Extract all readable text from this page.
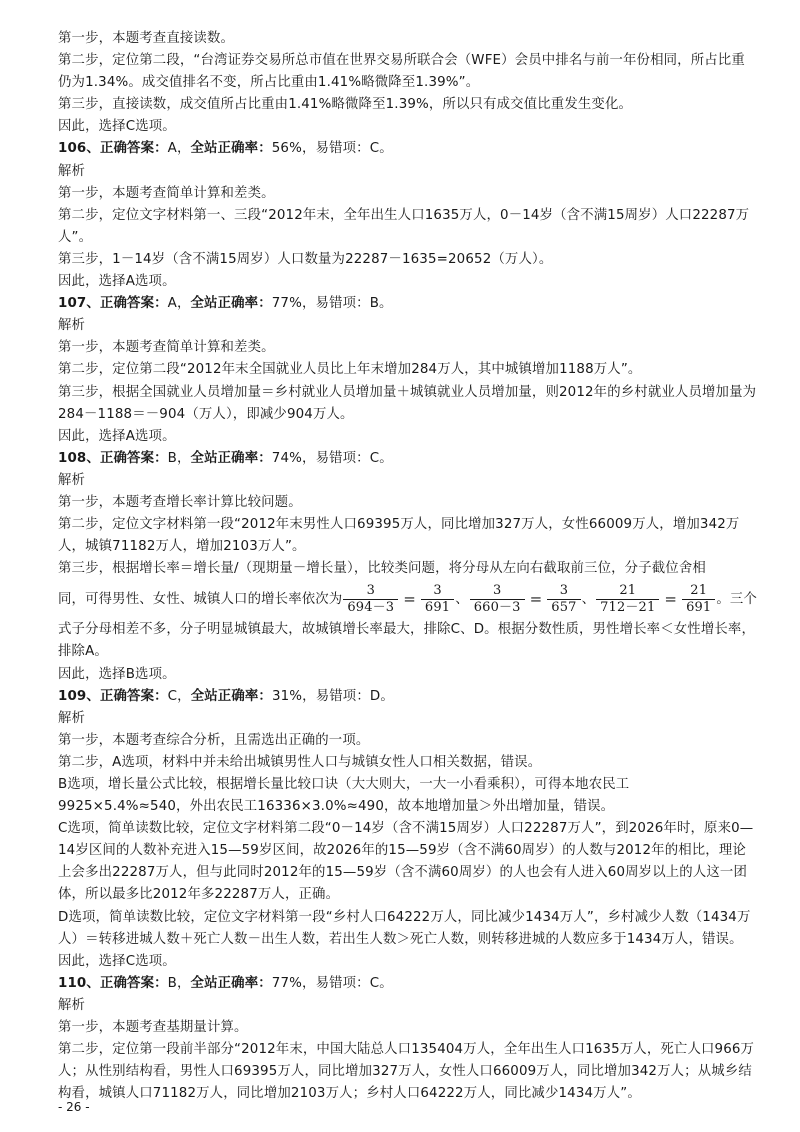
第一步，本题考查直接读数。

第二步，定位第二段，“台湾证券交易所总市值在世界交易所联合会（WFE）会员中排名与前一年份相同，所占比重仍为1.34%。成交值排名不变，所占比重由1.41%略微降至1.39%”。

第三步，直接读数，成交值所占比重由1.41%略微降至1.39%，所以只有成交值比重发生变化。

因此，选择C选项。

106、正确答案：A，全站正确率：56%，易错项：C。

解析

第一步，本题考查简单计算和差类。

第二步，定位文字材料第一、三段“2012年末，全年出生人口1635万人，0－14岁（含不满15周岁）人口22287万人”。

第三步，1－14岁（含不满15周岁）人口数量为22287－1635=20652（万人）。

因此，选择A选项。

107、正确答案：A，全站正确率：77%，易错项：B。

解析

第一步，本题考查简单计算和差类。

第二步，定位第二段“2012年末全国就业人员比上年末增加284万人，其中城镇增加1188万人”。

第三步，根据全国就业人员增加量＝乡村就业人员增加量＋城镇就业人员增加量，则2012年的乡村就业人员增加量为284－1188＝－904（万人），即减少904万人。

因此，选择A选项。

108、正确答案：B，全站正确率：74%，易错项：C。

解析

第一步，本题考查增长率计算比较问题。

第二步，定位文字材料第一段“2012年末男性人口69395万人，同比增加327万人，女性66009万人，增加342万人，城镇71182万人，增加2103万人”。

第三步，根据增长率＝增长量/（现期量－增长量），比较类问题，将分母从左向右截取前三位，分子截位舍相

同，可得男性、女性、城镇人口的增长率依次为 $\frac{3}{694-3} = \frac{3}{691}$ 、 $\frac{3}{660-3} = \frac{3}{657}$ 、 $\frac{21}{712-21} = \frac{21}{691}$ 。三个

式子分母相差不多，分子明显城镇最大，故城镇增长率最大，排除C、D。根据分数性质，男性增长率＜女性增长率，排除A。

因此，选择B选项。

109、正确答案：C，全站正确率：31%，易错项：D。

解析

第一步，本题考查综合分析，且需选出正确的一项。

第二步，A选项，材料中并未给出城镇男性人口与城镇女性人口相关数据，错误。

B选项，增长量公式比较，根据增长量比较口诀（大大则大，一大一小看乘积），可得本地农民工9925×5.4%≈540，外出农民工16336×3.0%≈490，故本地增加量＞外出增加量，错误。

C选项，简单读数比较，定位文字材料第二段“0－14岁（含不满15周岁）人口22287万人”，到2026年时，原来0—14岁区间的人数补充进入15—59岁区间，故2026年的15—59岁（含不满60周岁）的人数与2012年的相比，理论上会多出22287万人，但与此同时2012年的15—59岁（含不满60周岁）的人也会有人进入60周岁以上的人这一团体，所以最多比2012年多22287万人，正确。

D选项，简单读数比较，定位文字材料第一段“乡村人口64222万人，同比减少1434万人”，乡村减少人数（1434万人）＝转移进城人数＋死亡人数－出生人数，若出生人数＞死亡人数，则转移进城的人数应多于1434万人，错误。

因此，选择C选项。

110、正确答案：B，全站正确率：77%，易错项：C。

解析

第一步，本题考查基期量计算。

第二步，定位第一段前半部分“2012年末，中国大陆总人口135404万人，全年出生人口1635万人，死亡人口966万人；从性别结构看，男性人口69395万人，同比增加327万人，女性人口66009万人，同比增加342万人；从城乡结构看，城镇人口71182万人，同比增加2103万人；乡村人口64222万人，同比减少1434万人”。

- 26 -
